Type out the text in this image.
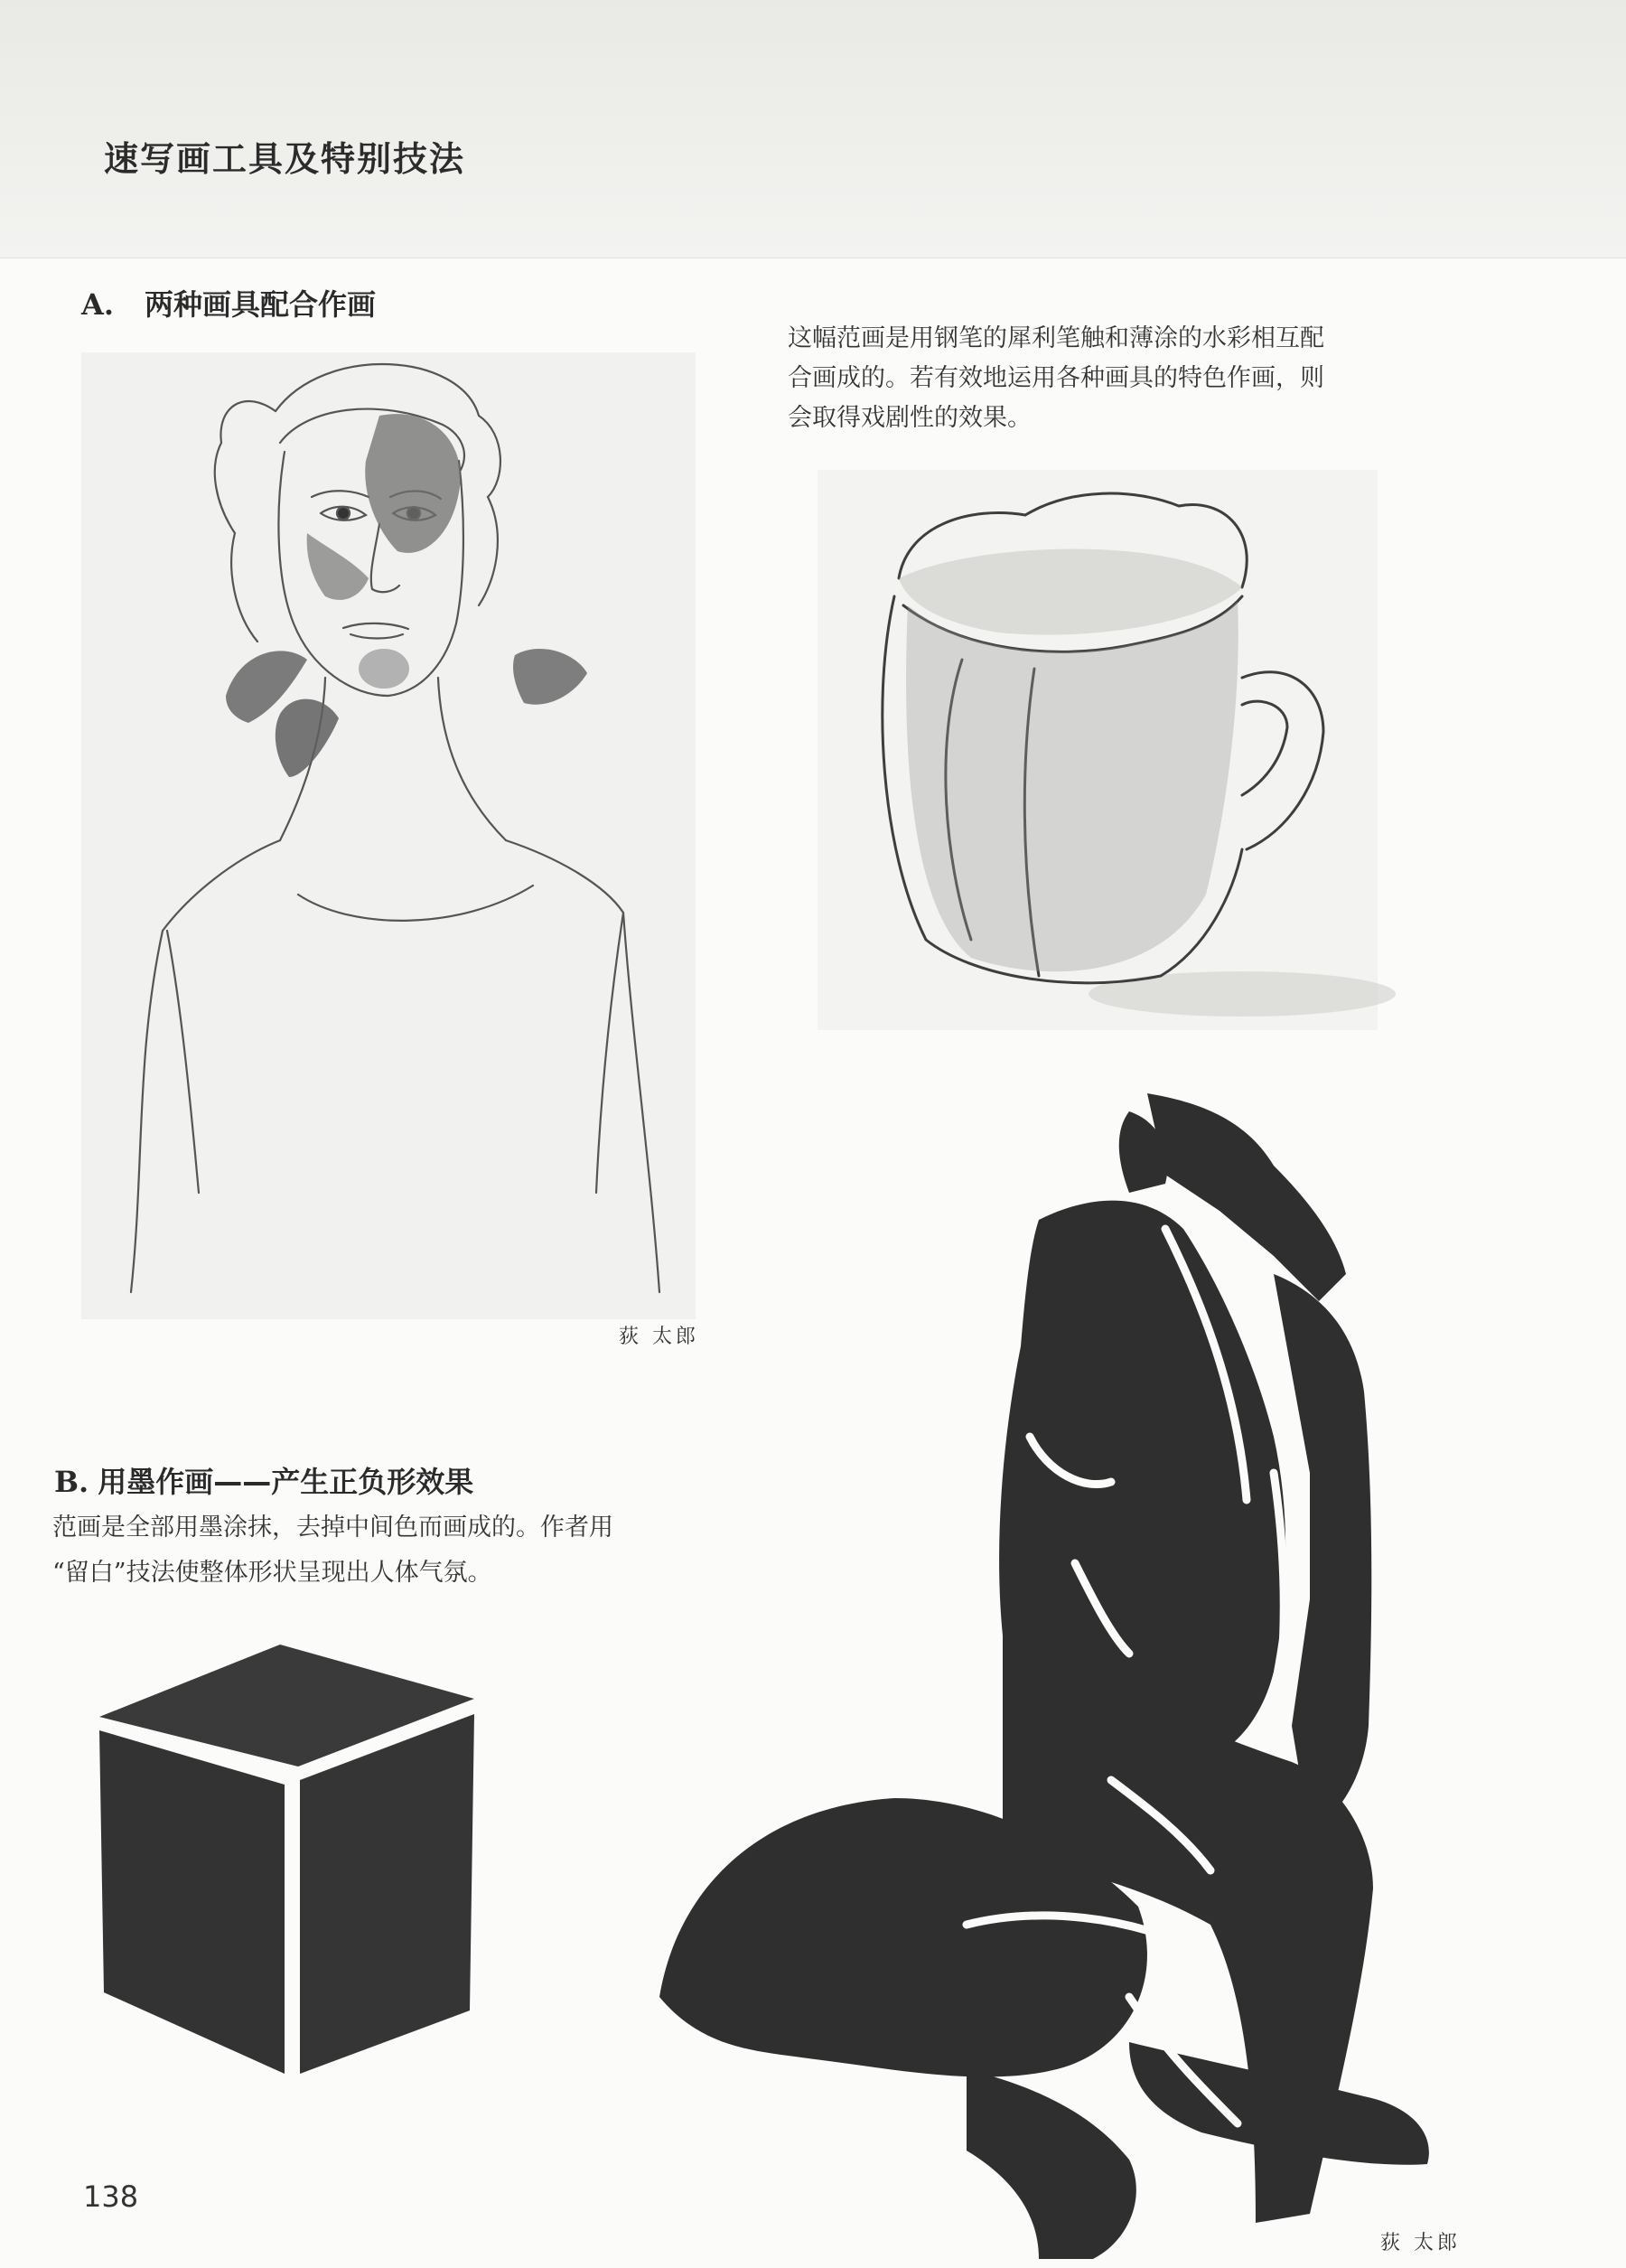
速写画工具及特别技法
A. 两种画具配合作画
这幅范画是用钢笔的犀利笔触和薄涂的水彩相互配合画成的。若有效地运用各种画具的特色作画，则会取得戏剧性的效果。
荻 太郎
B. 用墨作画——产生正负形效果
范画是全部用墨涂抹，去掉中间色而画成的。作者用
“留白”技法使整体形状呈现出人体气氛。
荻 太郎
138
